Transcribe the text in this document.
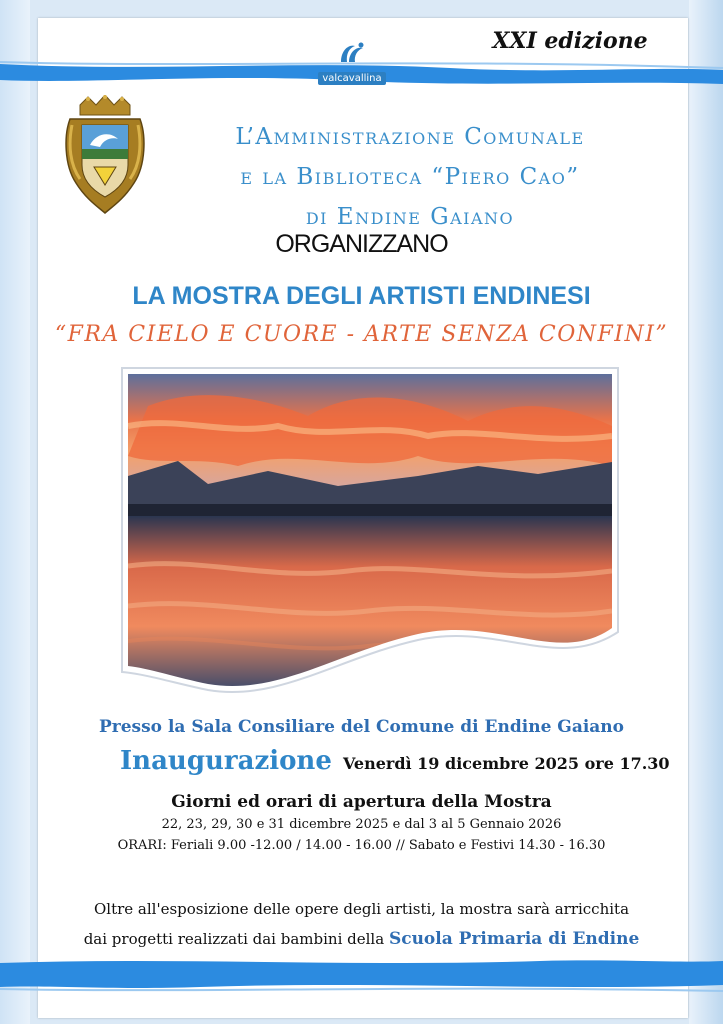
XXI edizione
valcavallina
L’Amministrazione Comunale
e la Biblioteca “Piero Cao”
di Endine Gaiano
ORGANIZZANO
LA MOSTRA DEGLI ARTISTI ENDINESI
“FRA CIELO E CUORE - ARTE SENZA CONFINI”
Presso la Sala Consiliare del Comune di Endine Gaiano
Inaugurazione Venerdì 19 dicembre 2025 ore 17.30
Giorni ed orari di apertura della Mostra
22, 23, 29, 30 e 31 dicembre 2025 e dal 3 al 5 Gennaio 2026
ORARI: Feriali 9.00 -12.00 / 14.00 - 16.00 // Sabato e Festivi 14.30 - 16.30
Oltre all'esposizione delle opere degli artisti, la mostra sarà arricchita
dai progetti realizzati dai bambini della Scuola Primaria di Endine
